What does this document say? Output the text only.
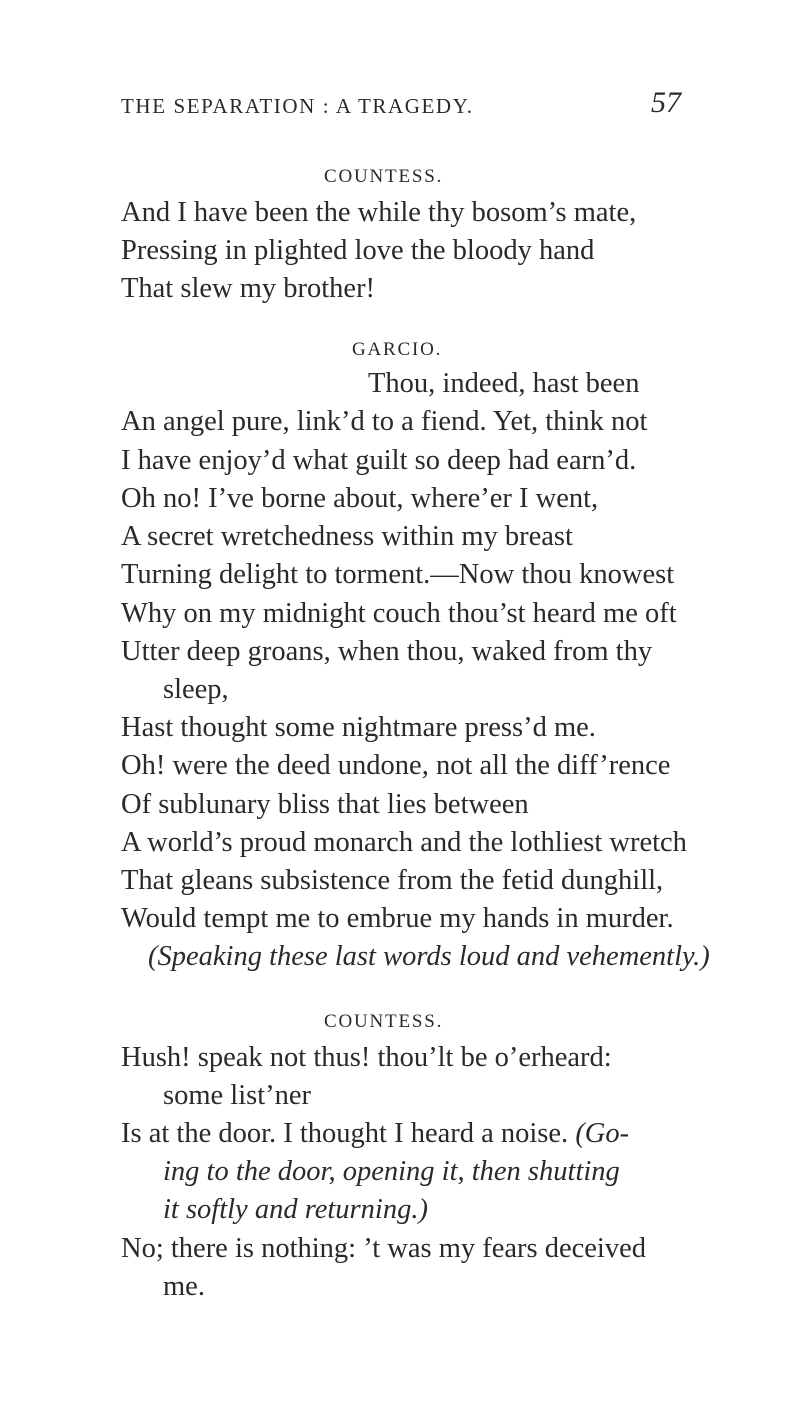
THE SEPARATION : A TRAGEDY.	57
COUNTESS.
And I have been the while thy bosom’s mate,
Pressing in plighted love the bloody hand
That slew my brother!
GARCIO.
Thou, indeed, hast been
An angel pure, link’d to a fiend. Yet, think not
I have enjoy’d what guilt so deep had earn’d.
Oh no! I’ve borne about, where’er I went,
A secret wretchedness within my breast
Turning delight to torment.—Now thou knowest
Why on my midnight couch thou’st heard me oft
Utter deep groans, when thou, waked from thy
sleep,
Hast thought some nightmare press’d me.
Oh! were the deed undone, not all the diff’rence
Of sublunary bliss that lies between
A world’s proud monarch and the lothliest wretch
That gleans subsistence from the fetid dunghill,
Would tempt me to embrue my hands in murder.
(Speaking these last words loud and vehemently.)
COUNTESS.
Hush! speak not thus! thou’lt be o’erheard:
some list’ner
Is at the door. I thought I heard a noise. (Go-
ing to the door, opening it, then shutting
it softly and returning.)
No; there is nothing: ’t was my fears deceived
me.
